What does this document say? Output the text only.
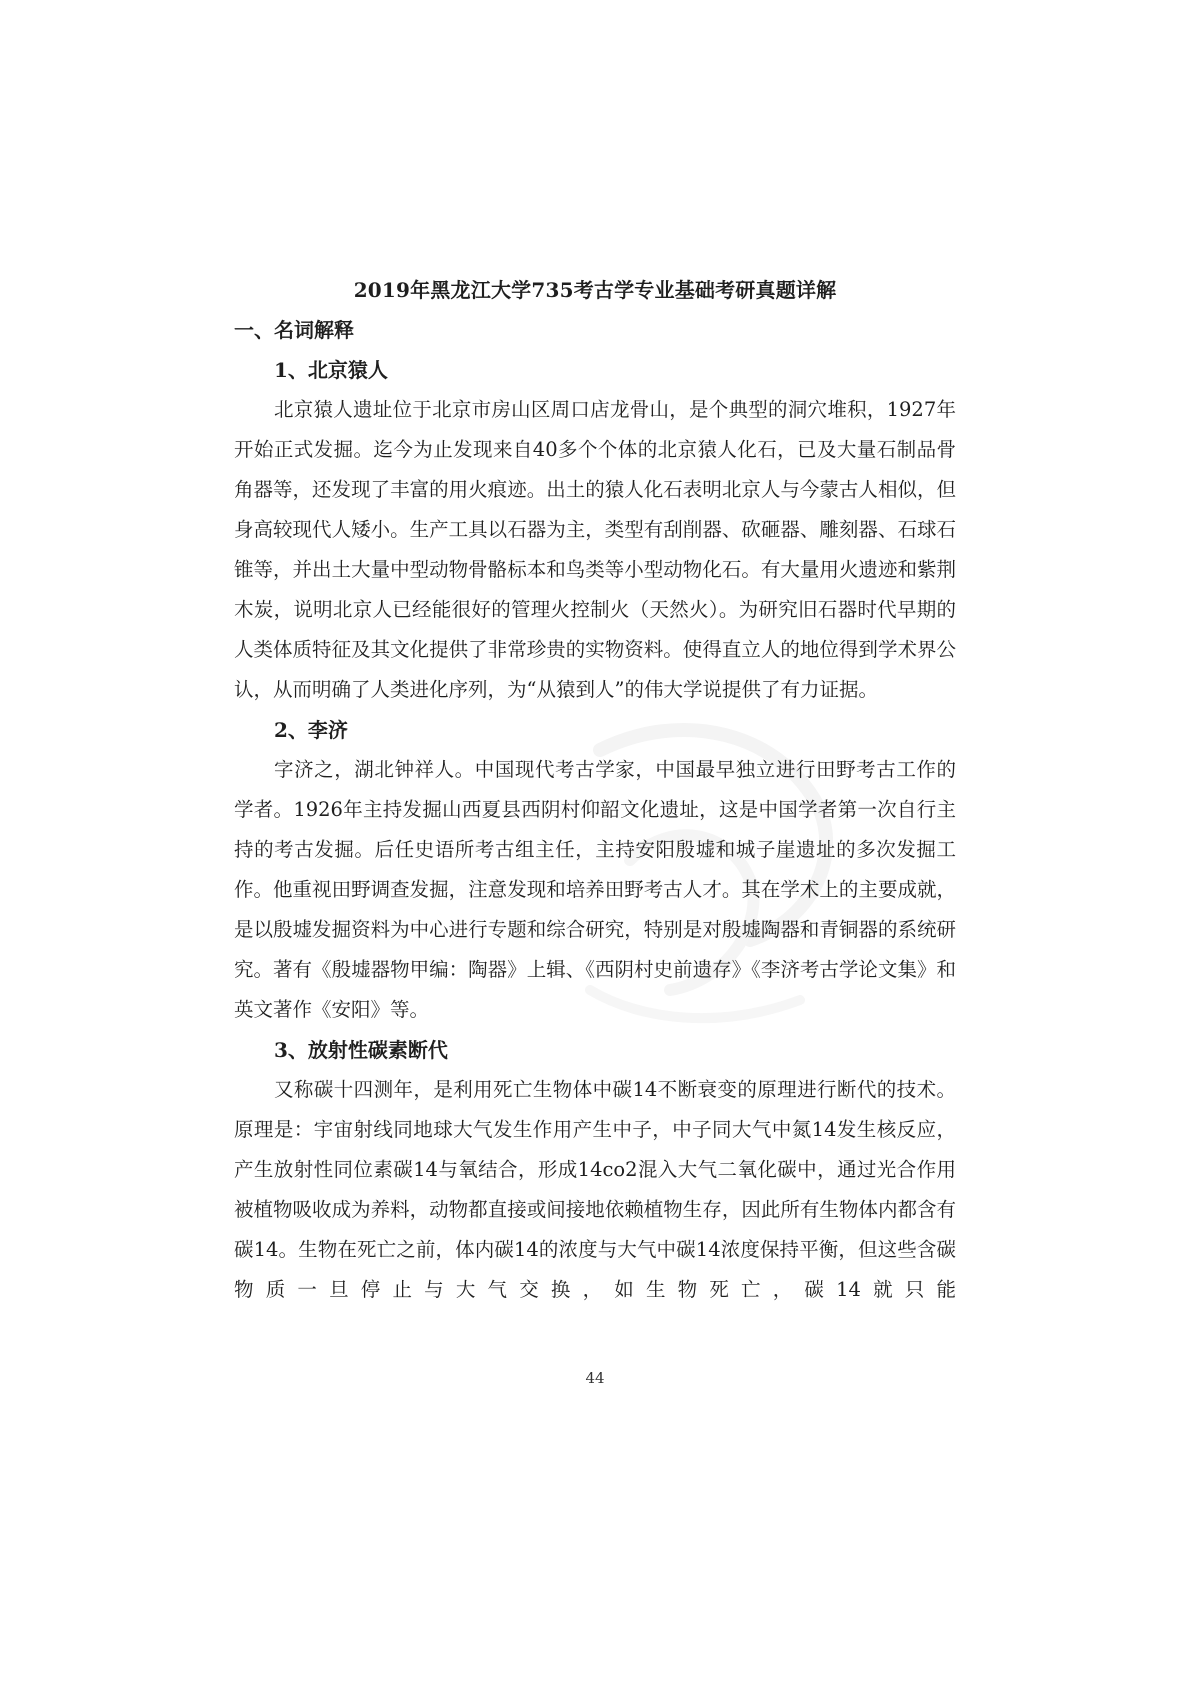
2019年黑龙江大学735考古学专业基础考研真题详解
一、名词解释
1、北京猿人

北京猿人遗址位于北京市房山区周口店龙骨山，是个典型的洞穴堆积，1927年开始正式发掘。迄今为止发现来自40多个个体的北京猿人化石，已及大量石制品骨角器等，还发现了丰富的用火痕迹。出土的猿人化石表明北京人与今蒙古人相似，但身高较现代人矮小。生产工具以石器为主，类型有刮削器、砍砸器、雕刻器、石球石锥等，并出土大量中型动物骨骼标本和鸟类等小型动物化石。有大量用火遗迹和紫荆木炭，说明北京人已经能很好的管理火控制火（天然火）。为研究旧石器时代早期的人类体质特征及其文化提供了非常珍贵的实物资料。使得直立人的地位得到学术界公认，从而明确了人类进化序列，为“从猿到人”的伟大学说提供了有力证据。

2、李济

字济之，湖北钟祥人。中国现代考古学家，中国最早独立进行田野考古工作的学者。1926年主持发掘山西夏县西阴村仰韶文化遗址，这是中国学者第一次自行主持的考古发掘。后任史语所考古组主任，主持安阳殷墟和城子崖遗址的多次发掘工作。他重视田野调查发掘，注意发现和培养田野考古人才。其在学术上的主要成就，是以殷墟发掘资料为中心进行专题和综合研究，特别是对殷墟陶器和青铜器的系统研究。著有《殷墟器物甲编：陶器》上辑、《西阴村史前遗存》《李济考古学论文集》和英文著作《安阳》等。

3、放射性碳素断代

又称碳十四测年，是利用死亡生物体中碳14不断衰变的原理进行断代的技术。原理是：宇宙射线同地球大气发生作用产生中子，中子同大气中氮14发生核反应，产生放射性同位素碳14与氧结合，形成14co2混入大气二氧化碳中，通过光合作用被植物吸收成为养料，动物都直接或间接地依赖植物生存，因此所有生物体内都含有碳14。生物在死亡之前，体内碳14的浓度与大气中碳14浓度保持平衡，但这些含碳物质一旦停止与大气交换，如生物死亡，碳14就只能

44
